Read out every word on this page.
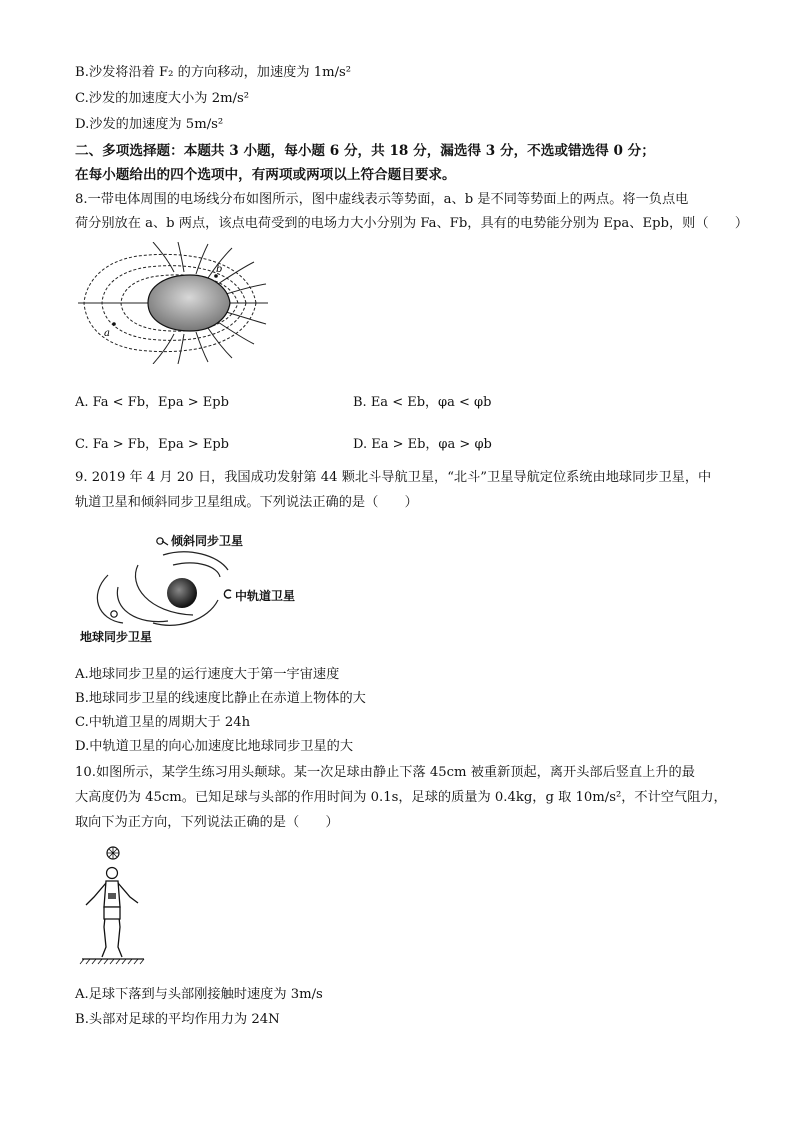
B.沙发将沿着 F₂ 的方向移动，加速度为 1m/s²
C.沙发的加速度大小为 2m/s²
D.沙发的加速度为 5m/s²
二、多项选择题：本题共 3 小题，每小题 6 分，共 18 分，漏选得 3 分，不选或错选得 0 分；
在每小题给出的四个选项中，有两项或两项以上符合题目要求。
8.一带电体周围的电场线分布如图所示，图中虚线表示等势面，a、b 是不同等势面上的两点。将一负点电
荷分别放在 a、b 两点，该点电荷受到的电场力大小分别为 Fa、Fb，具有的电势能分别为 Epa、Epb，则（　　）
a
b
A. Fa < Fb，Epa > Epb	B. Ea < Eb，φa < φb
C. Fa > Fb，Epa > Epb	D. Ea > Eb，φa > φb
9. 2019 年 4 月 20 日，我国成功发射第 44 颗北斗导航卫星，“北斗”卫星导航定位系统由地球同步卫星，中
轨道卫星和倾斜同步卫星组成。下列说法正确的是（　　）
倾斜同步卫星
中轨道卫星
地球同步卫星
A.地球同步卫星的运行速度大于第一宇宙速度
B.地球同步卫星的线速度比静止在赤道上物体的大
C.中轨道卫星的周期大于 24h
D.中轨道卫星的向心加速度比地球同步卫星的大
10.如图所示，某学生练习用头颠球。某一次足球由静止下落 45cm 被重新顶起，离开头部后竖直上升的最
大高度仍为 45cm。已知足球与头部的作用时间为 0.1s，足球的质量为 0.4kg，g 取 10m/s²，不计空气阻力，
取向下为正方向，下列说法正确的是（　　）
A.足球下落到与头部刚接触时速度为 3m/s
B.头部对足球的平均作用力为 24N
